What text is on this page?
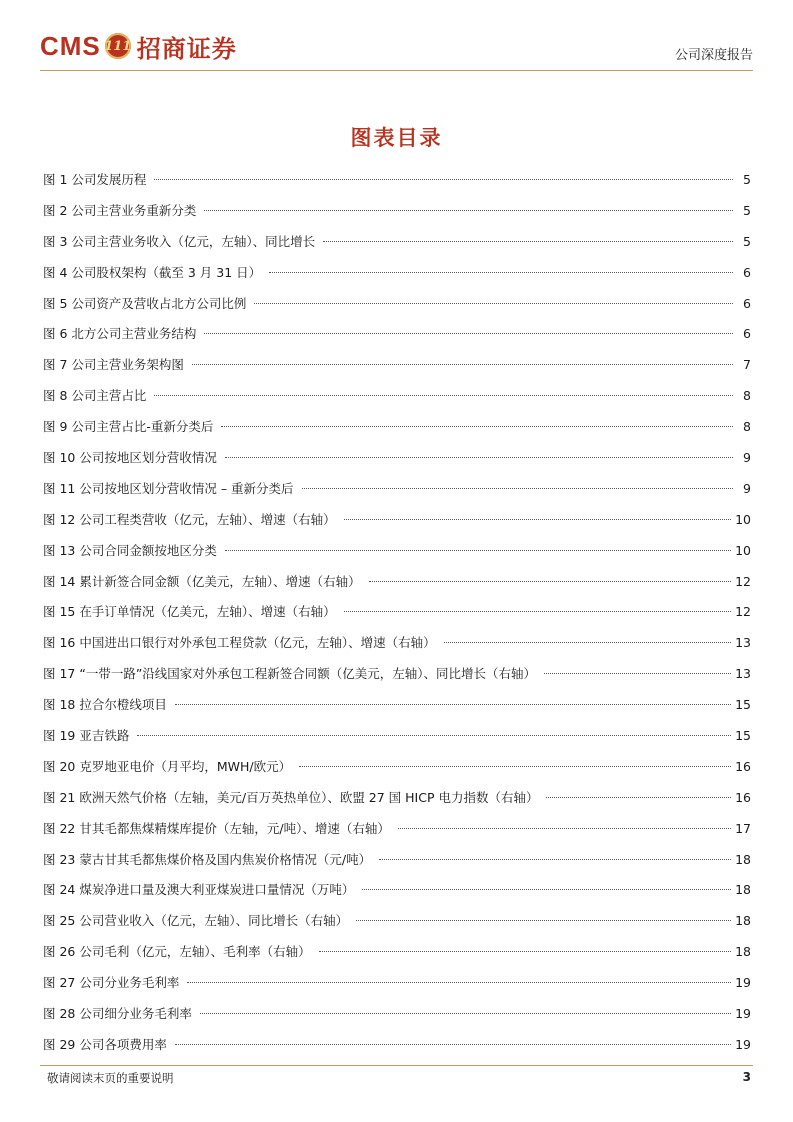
CMS 111 招商证券	公司深度报告
图表目录
图 1 公司发展历程	5
图 2 公司主营业务重新分类	5
图 3 公司主营业务收入（亿元，左轴）、同比增长	5
图 4 公司股权架构（截至 3 月 31 日）	6
图 5 公司资产及营收占北方公司比例	6
图 6 北方公司主营业务结构	6
图 7 公司主营业务架构图	7
图 8 公司主营占比	8
图 9 公司主营占比-重新分类后	8
图 10 公司按地区划分营收情况	9
图 11 公司按地区划分营收情况 – 重新分类后	9
图 12 公司工程类营收（亿元，左轴）、增速（右轴）	10
图 13 公司合同金额按地区分类	10
图 14 累计新签合同金额（亿美元，左轴）、增速（右轴）	12
图 15 在手订单情况（亿美元，左轴）、增速（右轴）	12
图 16 中国进出口银行对外承包工程贷款（亿元，左轴）、增速（右轴）	13
图 17 “一带一路”沿线国家对外承包工程新签合同额（亿美元，左轴）、同比增长（右轴）	13
图 18 拉合尔橙线项目	15
图 19 亚吉铁路	15
图 20 克罗地亚电价（月平均，MWH/欧元）	16
图 21 欧洲天然气价格（左轴，美元/百万英热单位）、欧盟 27 国 HICP 电力指数（右轴）	16
图 22 甘其毛都焦煤精煤库提价（左轴，元/吨）、增速（右轴）	17
图 23 蒙古甘其毛都焦煤价格及国内焦炭价格情况（元/吨）	18
图 24 煤炭净进口量及澳大利亚煤炭进口量情况（万吨）	18
图 25 公司营业收入（亿元，左轴）、同比增长（右轴）	18
图 26 公司毛利（亿元，左轴）、毛利率（右轴）	18
图 27 公司分业务毛利率	19
图 28 公司细分业务毛利率	19
图 29 公司各项费用率	19
敬请阅读末页的重要说明	3
